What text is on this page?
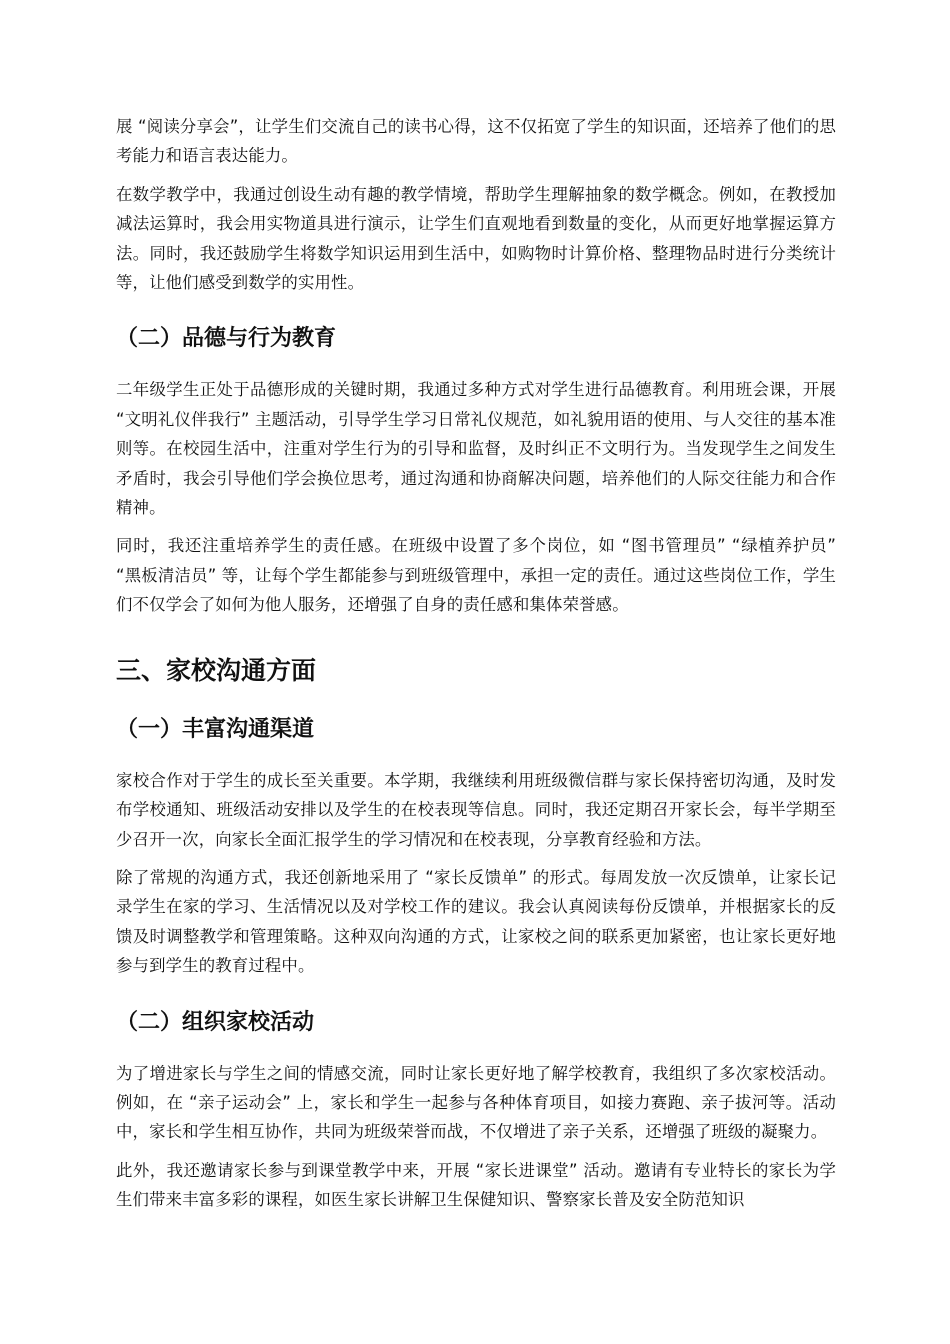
展 “阅读分享会”，让学生们交流自己的读书心得，这不仅拓宽了学生的知识面，还培养了他们的思考能力和语言表达能力。

在数学教学中，我通过创设生动有趣的教学情境，帮助学生理解抽象的数学概念。例如，在教授加减法运算时，我会用实物道具进行演示，让学生们直观地看到数量的变化，从而更好地掌握运算方法。同时，我还鼓励学生将数学知识运用到生活中，如购物时计算价格、整理物品时进行分类统计等，让他们感受到数学的实用性。

（二）品德与行为教育

二年级学生正处于品德形成的关键时期，我通过多种方式对学生进行品德教育。利用班会课，开展 “文明礼仪伴我行” 主题活动，引导学生学习日常礼仪规范，如礼貌用语的使用、与人交往的基本准则等。在校园生活中，注重对学生行为的引导和监督，及时纠正不文明行为。当发现学生之间发生矛盾时，我会引导他们学会换位思考，通过沟通和协商解决问题，培养他们的人际交往能力和合作精神。

同时，我还注重培养学生的责任感。在班级中设置了多个岗位，如 “图书管理员” “绿植养护员” “黑板清洁员” 等，让每个学生都能参与到班级管理中，承担一定的责任。通过这些岗位工作，学生们不仅学会了如何为他人服务，还增强了自身的责任感和集体荣誉感。

三、家校沟通方面
（一）丰富沟通渠道

家校合作对于学生的成长至关重要。本学期，我继续利用班级微信群与家长保持密切沟通，及时发布学校通知、班级活动安排以及学生的在校表现等信息。同时，我还定期召开家长会，每半学期至少召开一次，向家长全面汇报学生的学习情况和在校表现，分享教育经验和方法。

除了常规的沟通方式，我还创新地采用了 “家长反馈单” 的形式。每周发放一次反馈单，让家长记录学生在家的学习、生活情况以及对学校工作的建议。我会认真阅读每份反馈单，并根据家长的反馈及时调整教学和管理策略。这种双向沟通的方式，让家校之间的联系更加紧密，也让家长更好地参与到学生的教育过程中。

（二）组织家校活动

为了增进家长与学生之间的情感交流，同时让家长更好地了解学校教育，我组织了多次家校活动。例如，在 “亲子运动会” 上，家长和学生一起参与各种体育项目，如接力赛跑、亲子拔河等。活动中，家长和学生相互协作，共同为班级荣誉而战，不仅增进了亲子关系，还增强了班级的凝聚力。

此外，我还邀请家长参与到课堂教学中来，开展 “家长进课堂” 活动。邀请有专业特长的家长为学生们带来丰富多彩的课程，如医生家长讲解卫生保健知识、警察家长普及安全防范知识
